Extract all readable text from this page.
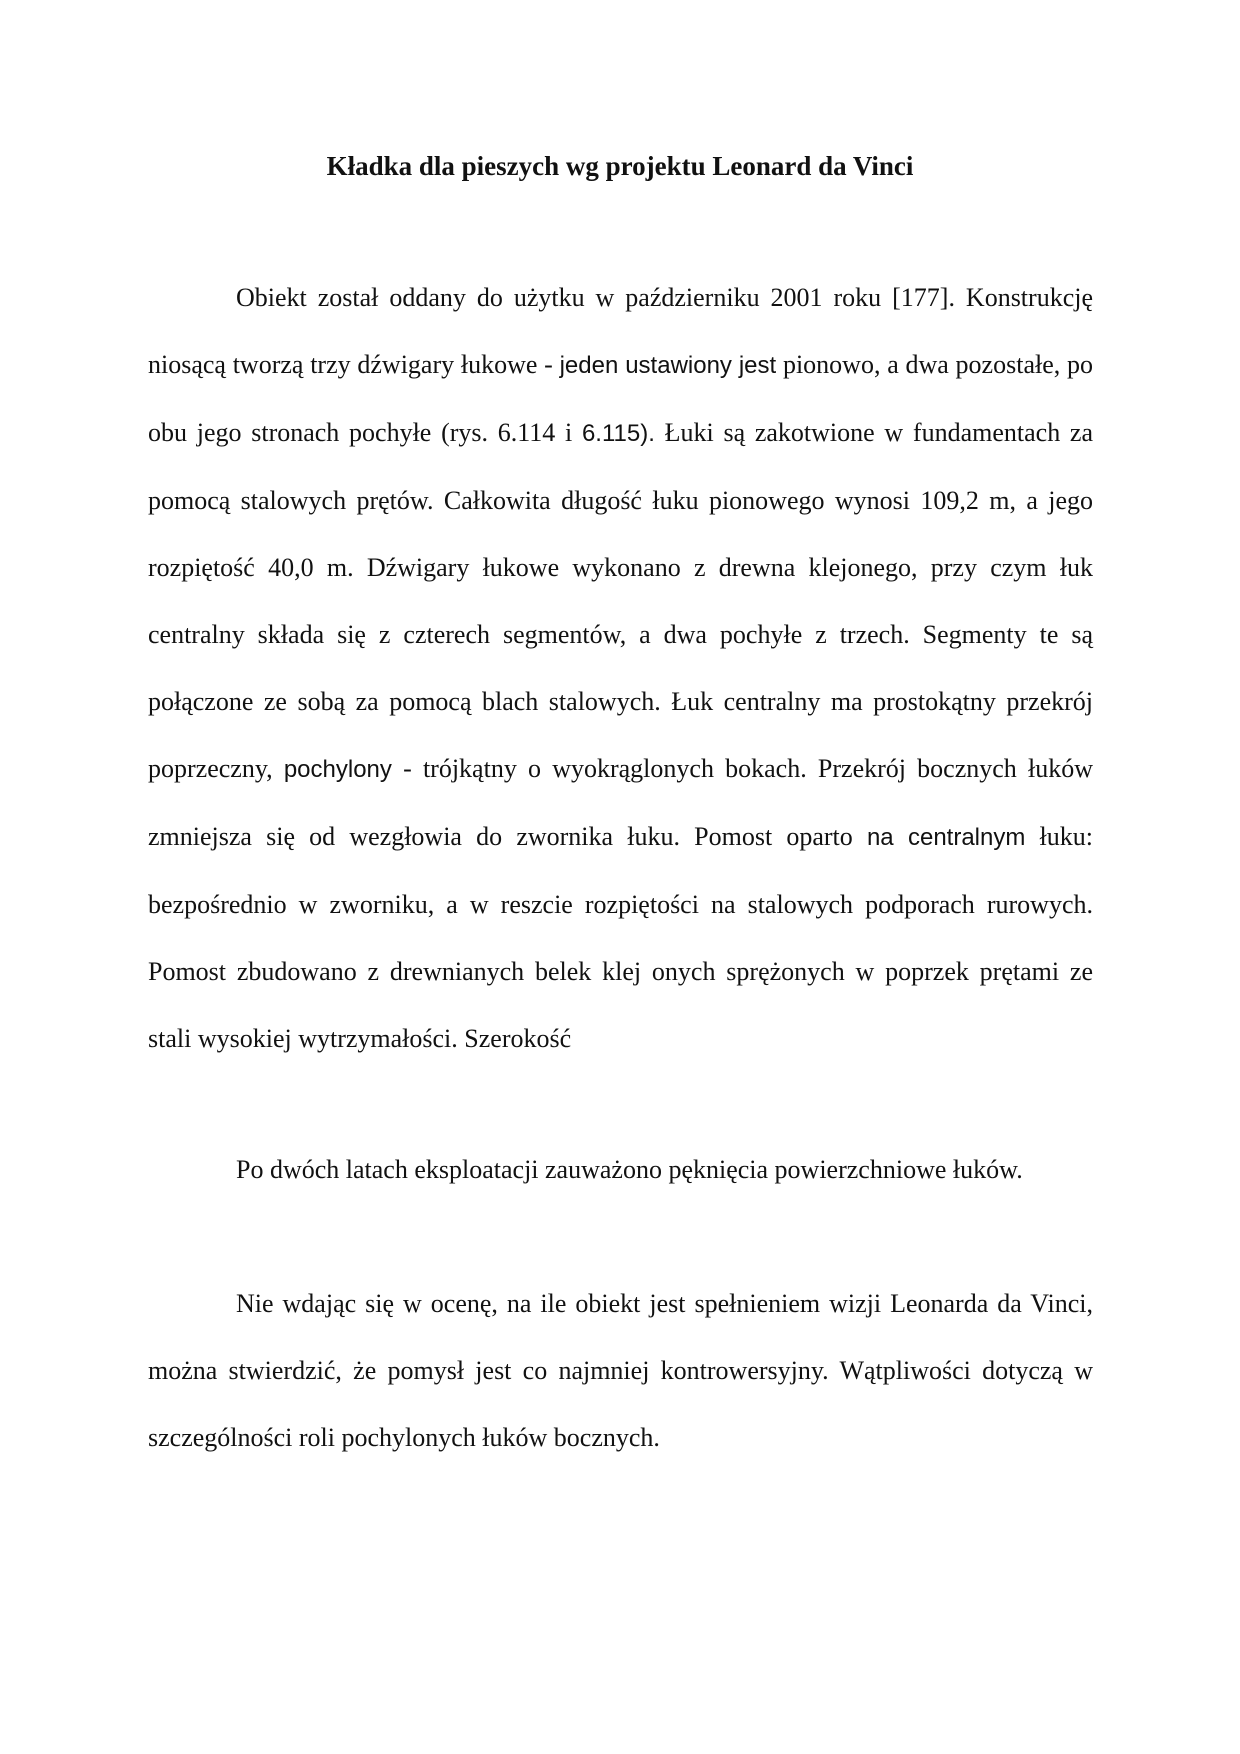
Kładka dla pieszych wg projektu Leonard da Vinci

Obiekt został oddany do użytku w październiku 2001 roku [177]. Konstrukcję niosącą tworzą trzy dźwigary łukowe - jeden ustawiony jest pionowo, a dwa pozostałe, po obu jego stronach pochyłe (rys. 6.114 i 6.115). Łuki są zakotwione w fundamentach za pomocą stalowych prętów. Całkowita długość łuku pionowego wynosi 109,2 m, a jego rozpiętość 40,0 m. Dźwigary łukowe wykonano z drewna klejonego, przy czym łuk centralny składa się z czterech segmentów, a dwa pochyłe z trzech. Segmenty te są połączone ze sobą za pomocą blach stalowych. Łuk centralny ma prostokątny przekrój poprzeczny, pochylony - trójkątny o wyokrąglonych bokach. Przekrój bocznych łuków zmniejsza się od wezgłowia do zwornika łuku. Pomost oparto na centralnym łuku: bezpośrednio w zworniku, a w reszcie rozpiętości na stalowych podporach rurowych. Pomost zbudowano z drewnianych belek klej onych sprężonych w poprzek prętami ze stali wysokiej wytrzymałości. Szerokość

Po dwóch latach eksploatacji zauważono pęknięcia powierzchniowe łuków.

Nie wdając się w ocenę, na ile obiekt jest spełnieniem wizji Leonarda da Vinci, można stwierdzić, że pomysł jest co najmniej kontrowersyjny. Wątpliwości dotyczą w szczególności roli pochylonych łuków bocznych.
